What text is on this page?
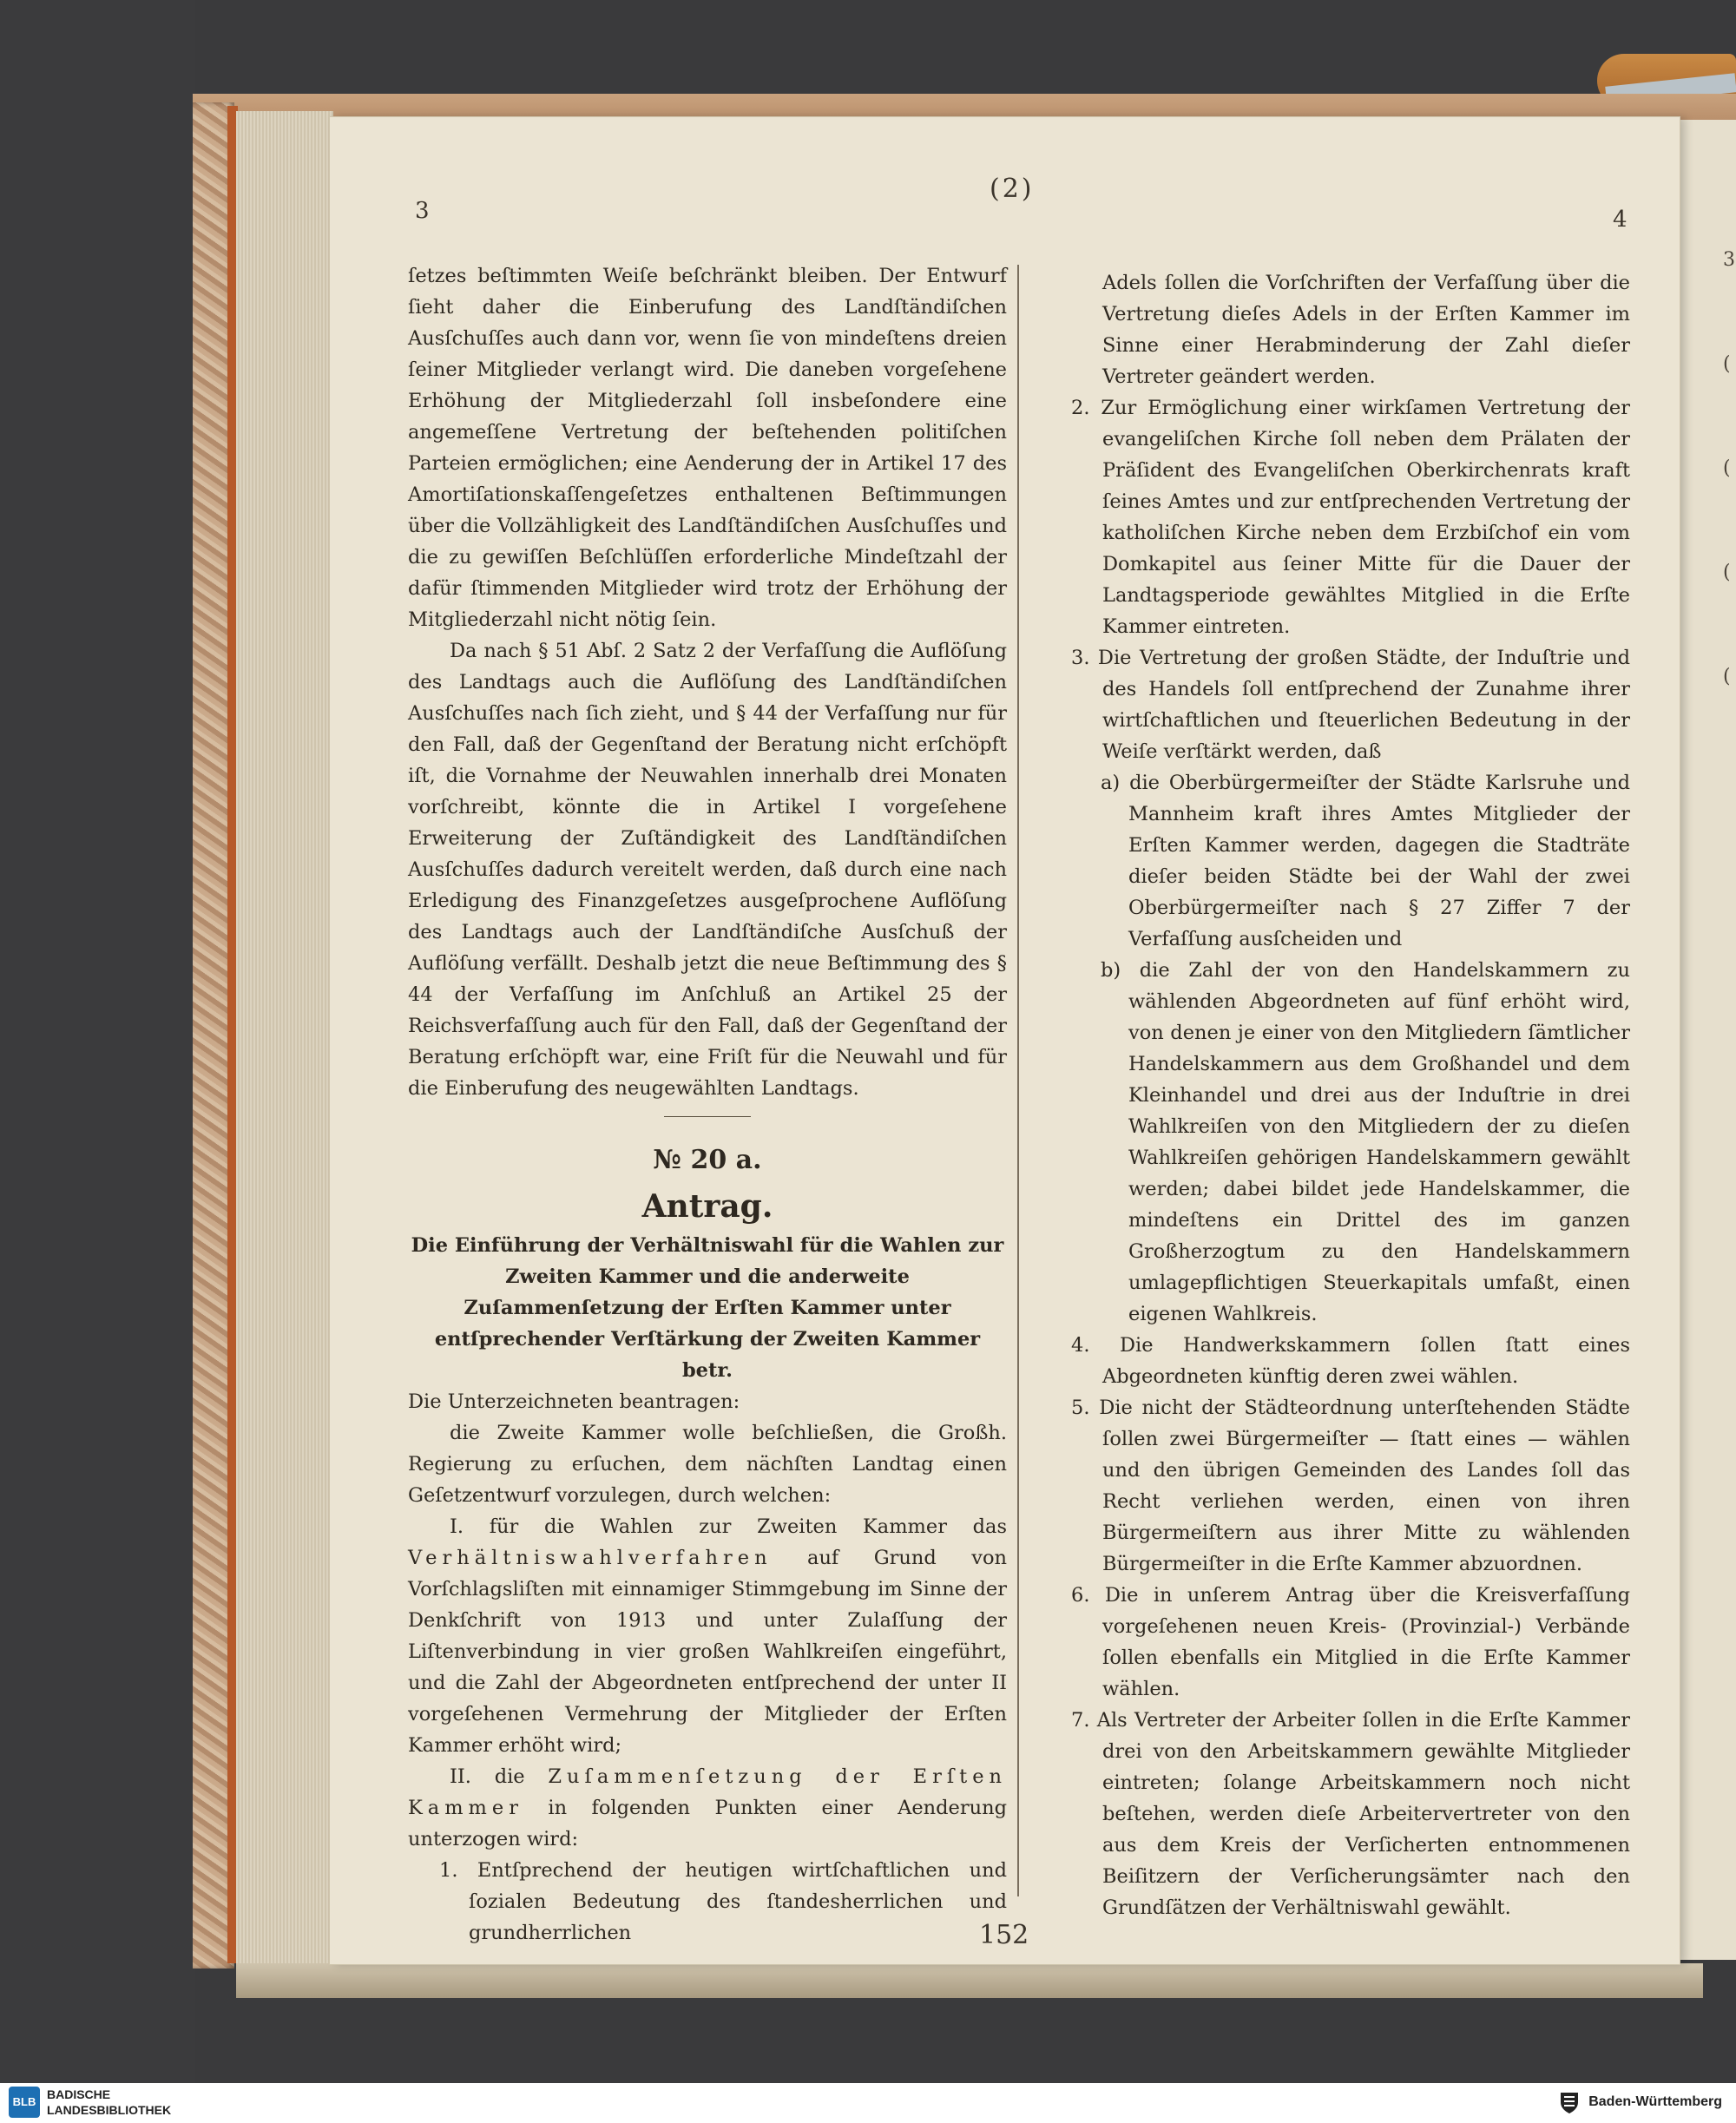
3 ( ( ( (
3
(2)
4

ſetzes beſtimmten Weiſe beſchränkt bleiben. Der Entwurf ſieht daher die Einberufung des Landſtändiſchen Ausſchuſſes auch dann vor, wenn ſie von mindeſtens dreien ſeiner Mitglieder verlangt wird. Die daneben vorgeſehene Erhöhung der Mitgliederzahl ſoll insbeſondere eine angemeſſene Vertretung der beſtehenden politiſchen Parteien ermöglichen; eine Aenderung der in Artikel 17 des Amortiſationskaſſengeſetzes enthaltenen Beſtimmungen über die Vollzähligkeit des Landſtändiſchen Ausſchuſſes und die zu gewiſſen Beſchlüſſen erforderliche Mindeſtzahl der dafür ſtimmenden Mitglieder wird trotz der Erhöhung der Mitgliederzahl nicht nötig ſein.

Da nach § 51 Abſ. 2 Satz 2 der Verfaſſung die Auflöſung des Landtags auch die Auflöſung des Landſtändiſchen Ausſchuſſes nach ſich zieht, und § 44 der Verfaſſung nur für den Fall, daß der Gegenſtand der Beratung nicht erſchöpft iſt, die Vornahme der Neuwahlen innerhalb drei Monaten vorſchreibt, könnte die in Artikel I vorgeſehene Erweiterung der Zuſtändigkeit des Landſtändiſchen Ausſchuſſes dadurch vereitelt werden, daß durch eine nach Erledigung des Finanzgeſetzes ausgeſprochene Auflöſung des Landtags auch der Landſtändiſche Ausſchuß der Auflöſung verfällt. Deshalb jetzt die neue Beſtimmung des § 44 der Verfaſſung im Anſchluß an Artikel 25 der Reichsverfaſſung auch für den Fall, daß der Gegenſtand der Beratung erſchöpft war, eine Friſt für die Neuwahl und für die Einberufung des neugewählten Landtags.

№ 20 a.

Antrag.

Die Einführung der Verhältniswahl für die Wahlen zur Zweiten Kammer und die anderweite Zuſammenſetzung der Erſten Kammer unter entſprechender Verſtärkung der Zweiten Kammer betr.

Die Unterzeichneten beantragen:

die Zweite Kammer wolle beſchließen, die Großh. Regierung zu erſuchen, dem nächſten Landtag einen Geſetzentwurf vorzulegen, durch welchen:

I. für die Wahlen zur Zweiten Kammer das Verhältniswahlverfahren auf Grund von Vorſchlagsliſten mit einnamiger Stimmgebung im Sinne der Denkſchrift von 1913 und unter Zulaſſung der Liſtenverbindung in vier großen Wahlkreiſen eingeführt, und die Zahl der Abgeordneten entſprechend der unter II vorgeſehenen Vermehrung der Mitglieder der Erſten Kammer erhöht wird;

II. die Zuſammenſetzung der Erſten Kammer in folgenden Punkten einer Aenderung unterzogen wird:

1. Entſprechend der heutigen wirtſchaftlichen und ſozialen Bedeutung des ſtandesherrlichen und grundherrlichen

Adels ſollen die Vorſchriften der Verfaſſung über die Vertretung dieſes Adels in der Erſten Kammer im Sinne einer Herabminderung der Zahl dieſer Vertreter geändert werden.

2. Zur Ermöglichung einer wirkſamen Vertretung der evangeliſchen Kirche ſoll neben dem Prälaten der Präſident des Evangeliſchen Oberkirchenrats kraft ſeines Amtes und zur entſprechenden Vertretung der katholiſchen Kirche neben dem Erzbiſchof ein vom Domkapitel aus ſeiner Mitte für die Dauer der Landtagsperiode gewähltes Mitglied in die Erſte Kammer eintreten.

3. Die Vertretung der großen Städte, der Induſtrie und des Handels ſoll entſprechend der Zunahme ihrer wirtſchaftlichen und ſteuerlichen Bedeutung in der Weiſe verſtärkt werden, daß

a) die Oberbürgermeiſter der Städte Karlsruhe und Mannheim kraft ihres Amtes Mitglieder der Erſten Kammer werden, dagegen die Stadträte dieſer beiden Städte bei der Wahl der zwei Oberbürgermeiſter nach § 27 Ziffer 7 der Verfaſſung ausſcheiden und

b) die Zahl der von den Handelskammern zu wählenden Abgeordneten auf fünf erhöht wird, von denen je einer von den Mitgliedern ſämtlicher Handelskammern aus dem Großhandel und dem Kleinhandel und drei aus der Induſtrie in drei Wahlkreiſen von den Mitgliedern der zu dieſen Wahlkreiſen gehörigen Handelskammern gewählt werden; dabei bildet jede Handelskammer, die mindeſtens ein Drittel des im ganzen Großherzogtum zu den Handelskammern umlagepflichtigen Steuerkapitals umfaßt, einen eigenen Wahlkreis.

4. Die Handwerkskammern ſollen ſtatt eines Abgeordneten künftig deren zwei wählen.

5. Die nicht der Städteordnung unterſtehenden Städte ſollen zwei Bürgermeiſter — ſtatt eines — wählen und den übrigen Gemeinden des Landes ſoll das Recht verliehen werden, einen von ihren Bürgermeiſtern aus ihrer Mitte zu wählenden Bürgermeiſter in die Erſte Kammer abzuordnen.

6. Die in unſerem Antrag über die Kreisverfaſſung vorgeſehenen neuen Kreis- (Provinzial-) Verbände ſollen ebenfalls ein Mitglied in die Erſte Kammer wählen.

7. Als Vertreter der Arbeiter ſollen in die Erſte Kammer drei von den Arbeitskammern gewählte Mitglieder eintreten; ſolange Arbeitskammern noch nicht beſtehen, werden dieſe Arbeitervertreter von den aus dem Kreis der Verſicherten entnommenen Beiſitzern der Verſicherungsämter nach den Grundſätzen der Verhältniswahl gewählt.

152
BLB
BADISCHE
LANDESBIBLIOTHEK
Baden-Württemberg
